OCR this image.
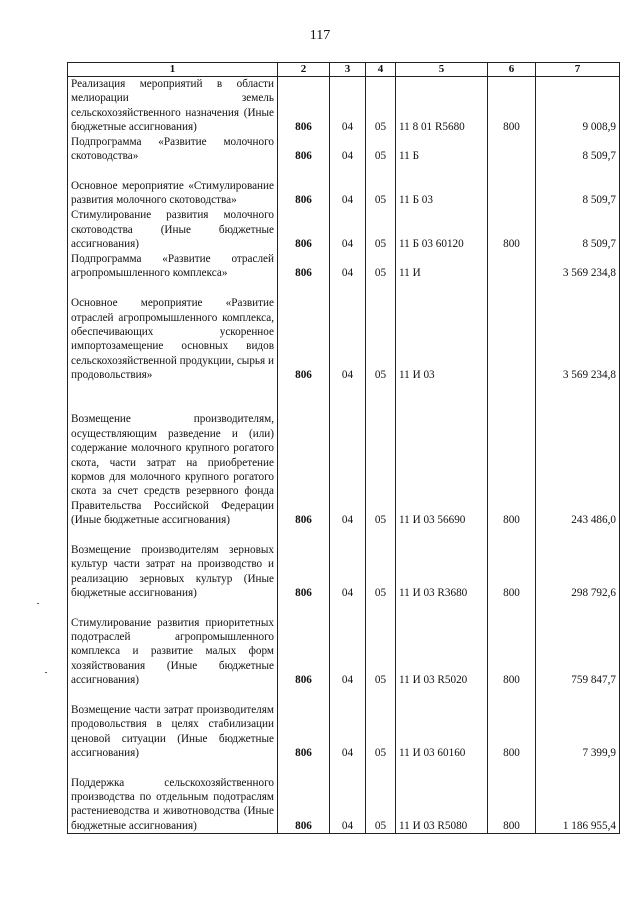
117
1	2	3	4	5	6	7
Реализация мероприятий в области мелиорации земель сельскохозяйственного назначения (Иные бюджетные ассигнования)	806	04	05	11 8 01 R5680	800	9 008,9
Подпрограмма «Развитие молочного скотоводства»	806	04	05	11 Б		8 509,7
Основное мероприятие «Стимулирование развития молочного скотоводства»	806	04	05	11 Б 03		8 509,7
Стимулирование развития молочного скотоводства (Иные бюджетные ассигнования)	806	04	05	11 Б 03 60120	800	8 509,7
Подпрограмма «Развитие отраслей агропромышленного комплекса»	806	04	05	11 И		3 569 234,8
Основное мероприятие «Развитие отраслей агропромышленного комплекса, обеспечивающих ускоренное импортозамещение основных видов сельскохозяйственной продукции, сырья и продовольствия»	806	04	05	11 И 03		3 569 234,8
Возмещение производителям, осуществляющим разведение и (или) содержание молочного крупного рогатого скота, части затрат на приобретение кормов для молочного крупного рогатого скота за счет средств резервного фонда Правительства Российской Федерации (Иные бюджетные ассигнования)	806	04	05	11 И 03 56690	800	243 486,0
Возмещение производителям зерновых культур части затрат на производство и реализацию зерновых культур (Иные бюджетные ассигнования)	806	04	05	11 И 03 R3680	800	298 792,6
Стимулирование развития приоритетных подотраслей агропромышленного комплекса и развитие малых форм хозяйствования (Иные бюджетные ассигнования)	806	04	05	11 И 03 R5020	800	759 847,7
Возмещение части затрат производителям продовольствия в целях стабилизации ценовой ситуации (Иные бюджетные ассигнования)	806	04	05	11 И 03 60160	800	7 399,9
Поддержка сельскохозяйственного производства по отдельным подотраслям растениеводства и животноводства (Иные бюджетные ассигнования)	806	04	05	11 И 03 R5080	800	1 186 955,4
